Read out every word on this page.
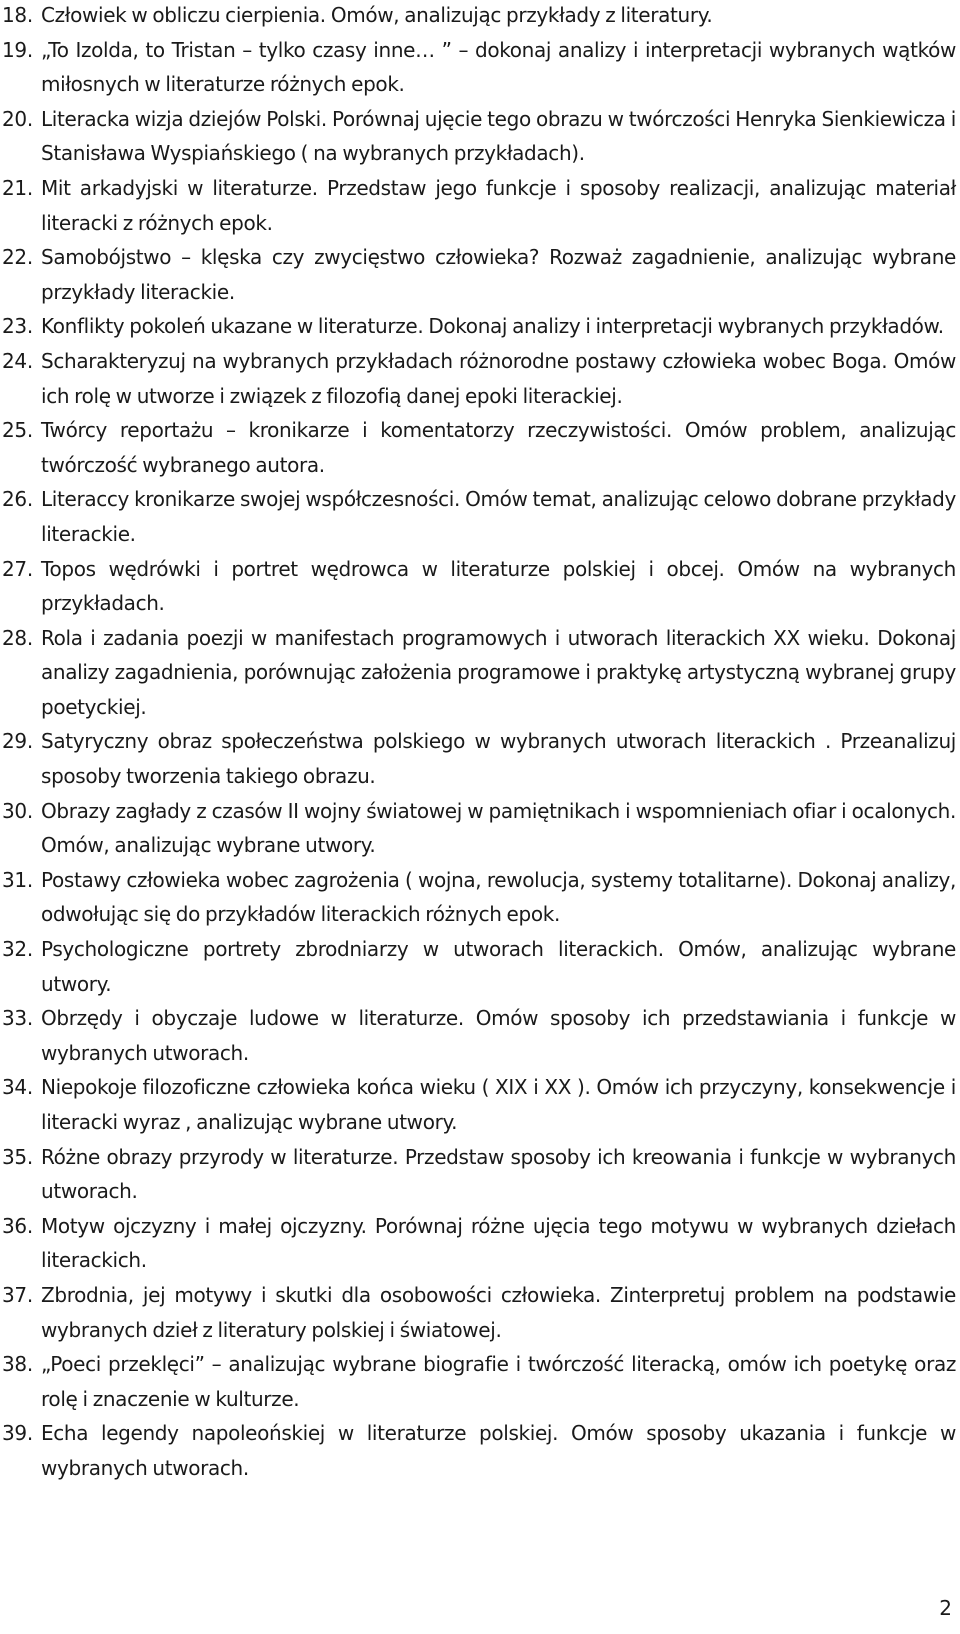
18. Człowiek w obliczu cierpienia. Omów, analizując przykłady z literatury.
19. „To Izolda, to Tristan – tylko czasy inne… ” – dokonaj analizy i interpretacji wybranych wątków miłosnych w literaturze różnych epok.
20. Literacka wizja dziejów Polski. Porównaj ujęcie tego obrazu w twórczości Henryka Sienkiewicza i Stanisława Wyspiańskiego ( na wybranych przykładach).
21. Mit arkadyjski w literaturze. Przedstaw jego funkcje i sposoby realizacji, analizując materiał literacki z różnych epok.
22. Samobójstwo – klęska czy zwycięstwo człowieka? Rozważ zagadnienie, analizując wybrane przykłady literackie.
23. Konflikty pokoleń ukazane w literaturze. Dokonaj analizy i interpretacji wybranych przykładów.
24. Scharakteryzuj na wybranych przykładach różnorodne postawy człowieka wobec Boga. Omów ich rolę w utworze i związek z filozofią danej epoki literackiej.
25. Twórcy reportażu – kronikarze i komentatorzy rzeczywistości. Omów problem, analizując twórczość wybranego autora.
26. Literaccy kronikarze swojej współczesności. Omów temat, analizując celowo dobrane przykłady literackie.
27. Topos wędrówki i portret wędrowca w literaturze polskiej i obcej. Omów na wybranych przykładach.
28. Rola i zadania poezji w manifestach programowych i utworach literackich XX wieku. Dokonaj analizy zagadnienia, porównując założenia programowe i praktykę artystyczną wybranej grupy poetyckiej.
29. Satyryczny obraz społeczeństwa polskiego w wybranych utworach literackich . Przeanalizuj sposoby tworzenia takiego obrazu.
30. Obrazy zagłady z czasów II wojny światowej w pamiętnikach i wspomnieniach ofiar i ocalonych. Omów, analizując wybrane utwory.
31. Postawy człowieka wobec zagrożenia ( wojna, rewolucja, systemy totalitarne). Dokonaj analizy, odwołując się do przykładów literackich różnych epok.
32. Psychologiczne portrety zbrodniarzy w utworach literackich. Omów, analizując wybrane utwory.
33. Obrzędy i obyczaje ludowe w literaturze. Omów sposoby ich przedstawiania i funkcje w wybranych utworach.
34. Niepokoje filozoficzne człowieka końca wieku ( XIX i XX ). Omów ich przyczyny, konsekwencje i literacki wyraz , analizując wybrane utwory.
35. Różne obrazy przyrody w literaturze. Przedstaw sposoby ich kreowania i funkcje w wybranych utworach.
36. Motyw ojczyzny i małej ojczyzny. Porównaj różne ujęcia tego motywu w wybranych dziełach literackich.
37. Zbrodnia, jej motywy i skutki dla osobowości człowieka. Zinterpretuj problem na podstawie wybranych dzieł z literatury polskiej i światowej.
38. „Poeci przeklęci” – analizując wybrane biografie i twórczość literacką, omów ich poetykę oraz rolę i znaczenie w kulturze.
39. Echa legendy napoleońskiej w literaturze polskiej. Omów sposoby ukazania i funkcje w wybranych utworach.
2
